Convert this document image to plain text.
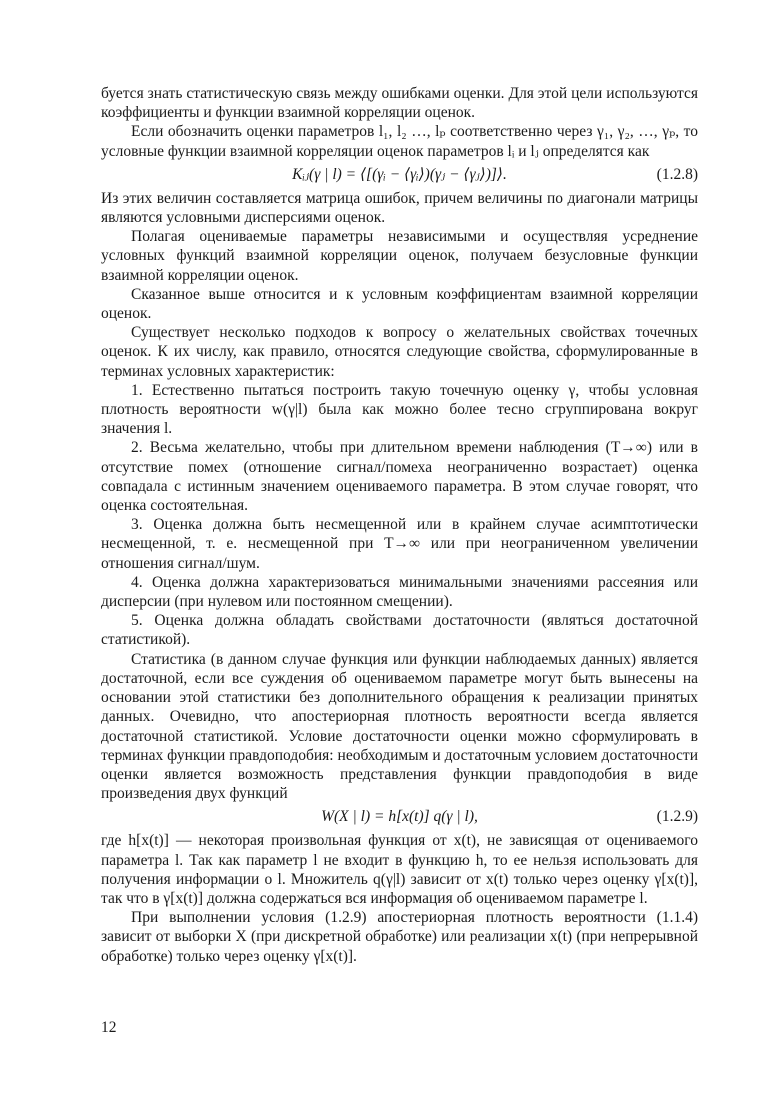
буется знать статистическую связь между ошибками оценки. Для этой цели используются коэффициенты и функции взаимной корреляции оценок.

Если обозначить оценки параметров l₁, l₂ …, lₚ соответственно через γ₁, γ₂, …, γₚ, то условные функции взаимной корреляции оценок параметров lᵢ и lⱼ определятся как

Kᵢⱼ(γ | l) = ⟨[(γᵢ − ⟨γᵢ⟩)(γⱼ − ⟨γⱼ⟩)]⟩.	(1.2.8)

Из этих величин составляется матрица ошибок, причем величины по диагонали матрицы являются условными дисперсиями оценок.

Полагая оцениваемые параметры независимыми и осуществляя усреднение условных функций взаимной корреляции оценок, получаем безусловные функции взаимной корреляции оценок.

Сказанное выше относится и к условным коэффициентам взаимной корреляции оценок.

Существует несколько подходов к вопросу о желательных свойствах точечных оценок. К их числу, как правило, относятся следующие свойства, сформулированные в терминах условных характеристик:

1. Естественно пытаться построить такую точечную оценку γ, чтобы условная плотность вероятности w(γ|l) была как можно более тесно сгруппирована вокруг значения l.

2. Весьма желательно, чтобы при длительном времени наблюдения (T→∞) или в отсутствие помех (отношение сигнал/помеха неограниченно возрастает) оценка совпадала с истинным значением оцениваемого параметра. В этом случае говорят, что оценка состоятельная.

3. Оценка должна быть несмещенной или в крайнем случае асимптотически несмещенной, т. е. несмещенной при T→∞ или при неограниченном увеличении отношения сигнал/шум.

4. Оценка должна характеризоваться минимальными значениями рассеяния или дисперсии (при нулевом или постоянном смещении).

5. Оценка должна обладать свойствами достаточности (являться достаточной статистикой).

Статистика (в данном случае функция или функции наблюдаемых данных) является достаточной, если все суждения об оцениваемом параметре могут быть вынесены на основании этой статистики без дополнительного обращения к реализации принятых данных. Очевидно, что апостериорная плотность вероятности всегда является достаточной статистикой. Условие достаточности оценки можно сформулировать в терминах функции правдоподобия: необходимым и достаточным условием достаточности оценки является возможность представления функции правдоподобия в виде произведения двух функций

W(X | l) = h[x(t)] q(γ | l),	(1.2.9)

где h[x(t)] — некоторая произвольная функция от x(t), не зависящая от оцениваемого параметра l. Так как параметр l не входит в функцию h, то ее нельзя использовать для получения информации о l. Множитель q(γ|l) зависит от x(t) только через оценку γ[x(t)], так что в γ[x(t)] должна содержаться вся информация об оцениваемом параметре l.

При выполнении условия (1.2.9) апостериорная плотность вероятности (1.1.4) зависит от выборки X (при дискретной обработке) или реализации x(t) (при непрерывной обработке) только через оценку γ[x(t)].

12
